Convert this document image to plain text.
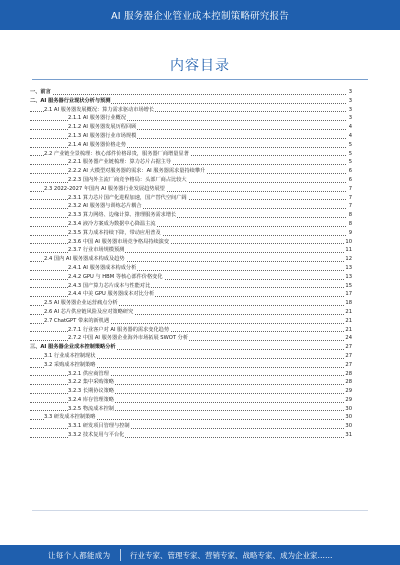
AI 服务器企业管业成本控制策略研究报告
内容目录
一、前言	3
二、AI 服务器行业现状分析与预测	3
2.1 AI 服务器发展概况：算力需求驱动市场增长	3
2.1.1 AI 服务器行业概况	3
2.1.2 AI 服务器发展历程回顾	4
2.1.3 AI 服务器行业市场规模	4
2.1.4 AI 服务器价格走势	5
2.2 产业链全景梳理：核心部件价格昂贵，服务器厂商增量显著	5
2.2.1 服务器产业链梳理：算力芯片占据主导	5
2.2.2 AI 大模型对服务器的需求：AI 服务器需求量持续攀升	6
2.2.3 国内外主流厂商竞争格局：头部厂商占比较大	6
2.3 2022-2027 年国内 AI 服务器行业发展趋势展望	7
2.3.1 算力芯片国产化进程加速，国产替代空间广阔	7
2.3.2 AI 服务器与训练芯片耦合	7
2.3.3 算力网络、边缘计算、推理服务需求增长	8
2.3.4 液冷方案成为数据中心降温主流	8
2.3.5 算力成本持续下降，带动应用普及	9
2.3.6 中国 AI 服务器市场竞争格局持续演变	10
2.3.7 行业市场规模预测	11
2.4 国内 AI 服务器成本构成及趋势	12
2.4.1 AI 服务器成本构成分析	13
2.4.2 GPU 与 HBM 等核心部件价格变化	13
2.4.3 国产算力芯片成本与性能对比	15
2.4.4 中美 GPU 服务器成本对比分析	17
2.5 AI 服务器企业运营痛点分析	18
2.6 AI 芯片供应链风险及应对策略研究	21
2.7 ChatGPT 带来的新机遇	21
2.7.1 行业客户对 AI 服务器的需求变化趋势	21
2.7.2 中国 AI 服务器企业海外市场拓展 SWOT 分析	24
三、AI 服务器企业成本控制策略分析	27
3.1 行业成本控制现状	27
3.2 采购成本控制策略	27
3.2.1 供应商管理	28
3.2.2 集中采购策略	28
3.2.3 长期协议策略	29
3.2.4 库存管理策略	29
3.2.5 物流成本控制	30
3.3 研发成本控制策略	30
3.3.1 研发项目管理与控制	30
3.3.2 技术复用与平台化	31
让每个人都能成为	行业专家、管理专家、营销专家、战略专家、成为企业家……
